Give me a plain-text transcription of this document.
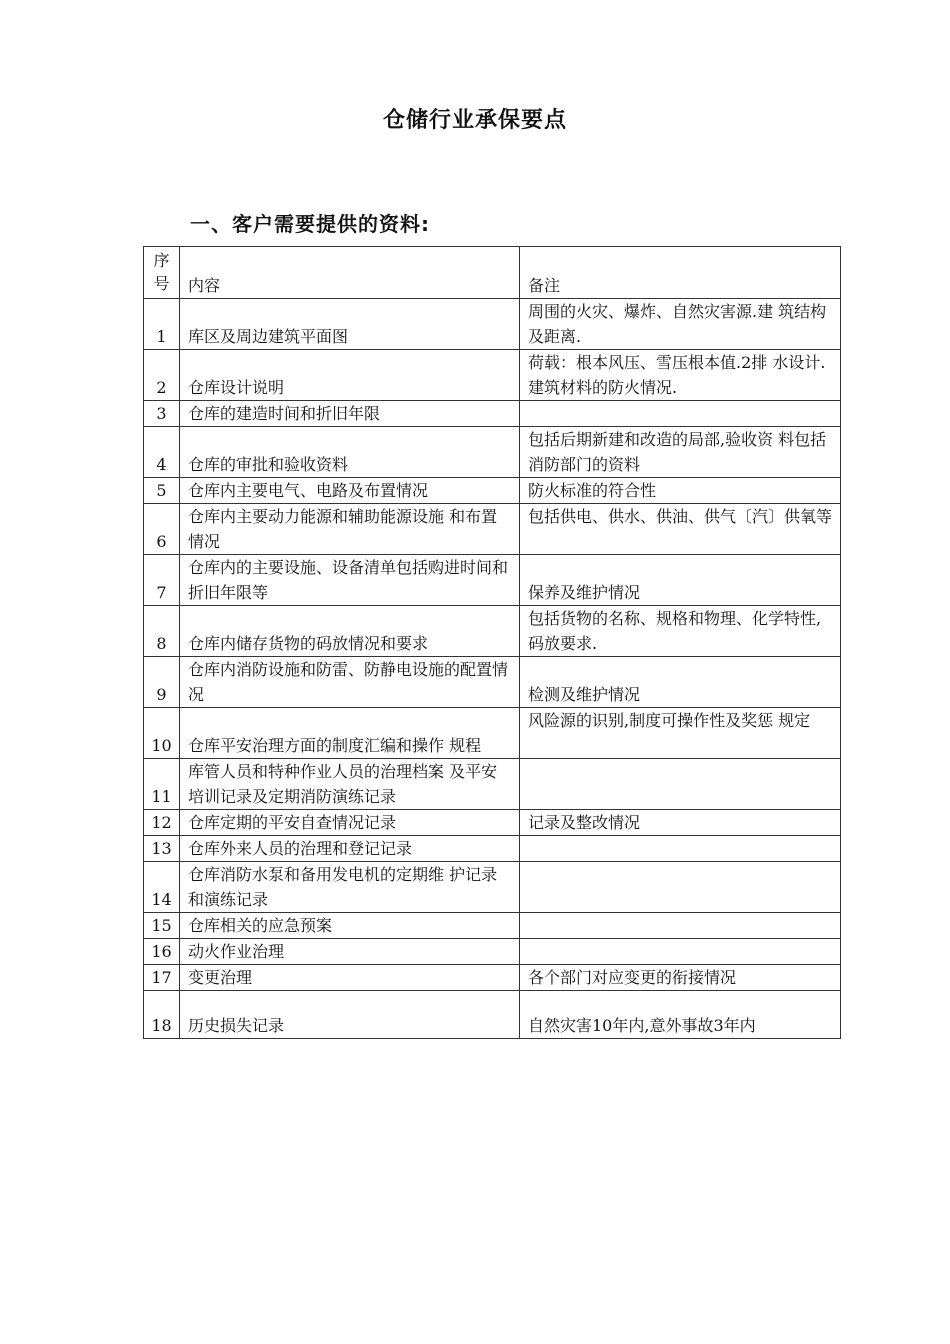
仓储行业承保要点
一、客户需要提供的资料:
序号	内容	备注
1	库区及周边建筑平面图	周围的火灾、爆炸、自然灾害源.建 筑结构及距离.
2	仓库设计说明	荷载：根本风压、雪压根本值.2排 水设计.建筑材料的防火情况.
3	仓库的建造时间和折旧年限	
4	仓库的审批和验收资料	包括后期新建和改造的局部,验收资 料包括消防部门的资料
5	仓库内主要电气、电路及布置情况	防火标准的符合性
6	仓库内主要动力能源和辅助能源设施 和布置情况	包括供电、供水、供油、供气〔汽〕供氧等
7	仓库内的主要设施、设备清单包括购进时间和折旧年限等	保养及维护情况
8	仓库内储存货物的码放情况和要求	包括货物的名称、规格和物理、化学特性,码放要求.
9	仓库内消防设施和防雷、防静电设施的配置情况	检测及维护情况
10	仓库平安治理方面的制度汇编和操作 规程	风险源的识别,制度可操作性及奖惩 规定
11	库管人员和特种作业人员的治理档案 及平安培训记录及定期消防演练记录	
12	仓库定期的平安自查情况记录	记录及整改情况
13	仓库外来人员的治理和登记记录	
14	仓库消防水泵和备用发电机的定期维 护记录和演练记录	
15	仓库相关的应急预案	
16	动火作业治理	
17	变更治理	各个部门对应变更的衔接情况
18	历史损失记录	自然灾害10年内,意外事故3年内
